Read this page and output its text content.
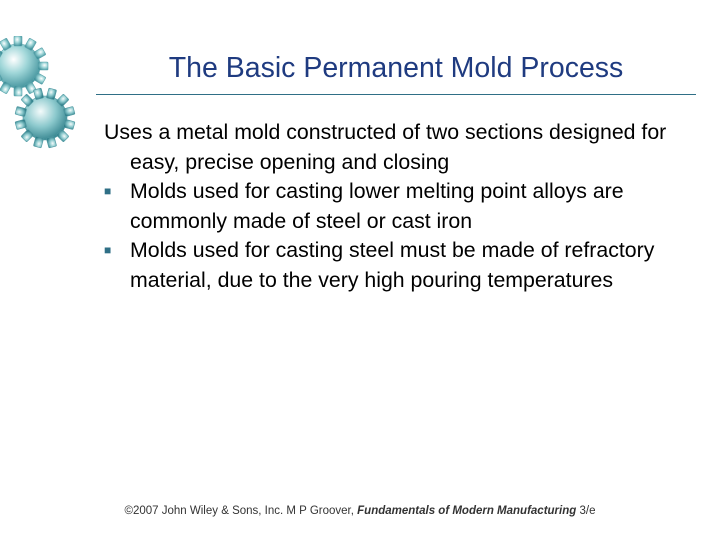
The Basic Permanent Mold Process
Uses a metal mold constructed of two sections designed for easy, precise opening and closing
■ Molds used for casting lower melting point alloys are commonly made of steel or cast iron
■ Molds used for casting steel must be made of refractory material, due to the very high pouring temperatures
©2007 John Wiley & Sons, Inc. M P Groover, Fundamentals of Modern Manufacturing 3/e
